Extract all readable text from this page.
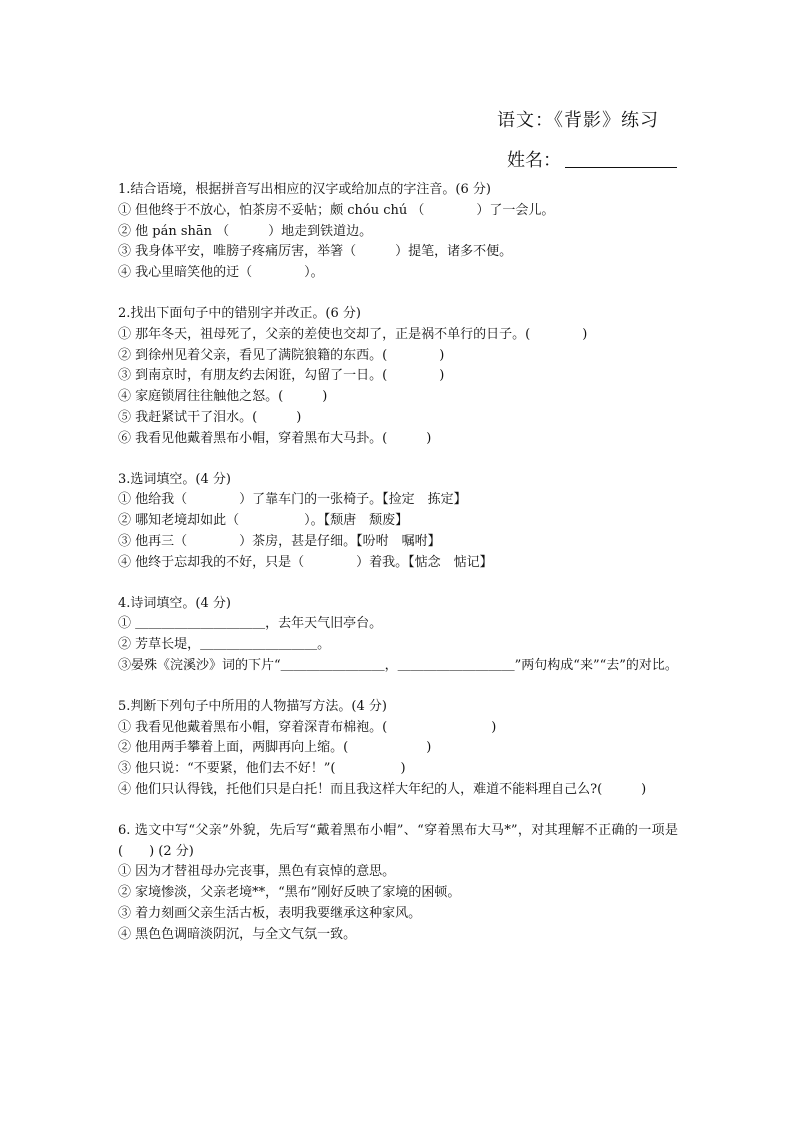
语文：《背影》练习
姓名：
1.结合语境，根据拼音写出相应的汉字或给加点的字注音。(6 分)
① 但他终于不放心，怕茶房不妥帖；颇 chóu chú （　　　　）了一会儿。
② 他 pán shān （　　　）地走到铁道边。
③ 我身体平安，唯膀子疼痛厉害，举箸（　　　）提笔，诸多不便。
④ 我心里暗笑他的迂（　　　　）。
2.找出下面句子中的错别字并改正。(6 分)
① 那年冬天，祖母死了，父亲的差使也交却了，正是祸不单行的日子。(　　　　)
② 到徐州见着父亲，看见了满院狼籍的东西。(　　　　)
③ 到南京时，有朋友约去闲诳，勾留了一日。(　　　　)
④ 家庭锁屑往往触他之怒。(　　　)
⑤ 我赶紧试干了泪水。(　　　)
⑥ 我看见他戴着黑布小帽，穿着黑布大马卦。(　　　)
3.选词填空。(4 分)
① 他给我（　　　　）了靠车门的一张椅子。【捡定　拣定】
② 哪知老境却如此（　　　　　）。【颓唐　颓废】
③ 他再三（　　　　）茶房，甚是仔细。【吩咐　嘱咐】
④ 他终于忘却我的不好，只是（　　　　）着我。【惦念　惦记】
4.诗词填空。(4 分)
① ＿＿＿＿＿＿＿＿＿＿，去年天气旧亭台。
② 芳草长堤，＿＿＿＿＿＿＿＿＿。
③晏殊《浣溪沙》词的下片“＿＿＿＿＿＿＿＿，＿＿＿＿＿＿＿＿＿”两句构成“来”“去”的对比。
5.判断下列句子中所用的人物描写方法。(4 分)
① 我看见他戴着黑布小帽，穿着深青布棉袍。(　　　　　　　　)
② 他用两手攀着上面，两脚再向上缩。(　　　　　　)
③ 他只说：“不要紧，他们去不好！”(　　　　　)
④ 他们只认得钱，托他们只是白托！而且我这样大年纪的人，难道不能料理自己么?(　　　)
6. 选文中写“父亲”外貌，先后写“戴着黑布小帽”、“穿着黑布大马*”，对其理解不正确的一项是(　　) (2 分)
① 因为才替祖母办完丧事，黑色有哀悼的意思。
② 家境惨淡，父亲老境**，“黑布”刚好反映了家境的困顿。
③ 着力刻画父亲生活古板，表明我要继承这种家风。
④ 黑色色调暗淡阴沉，与全文气氛一致。
